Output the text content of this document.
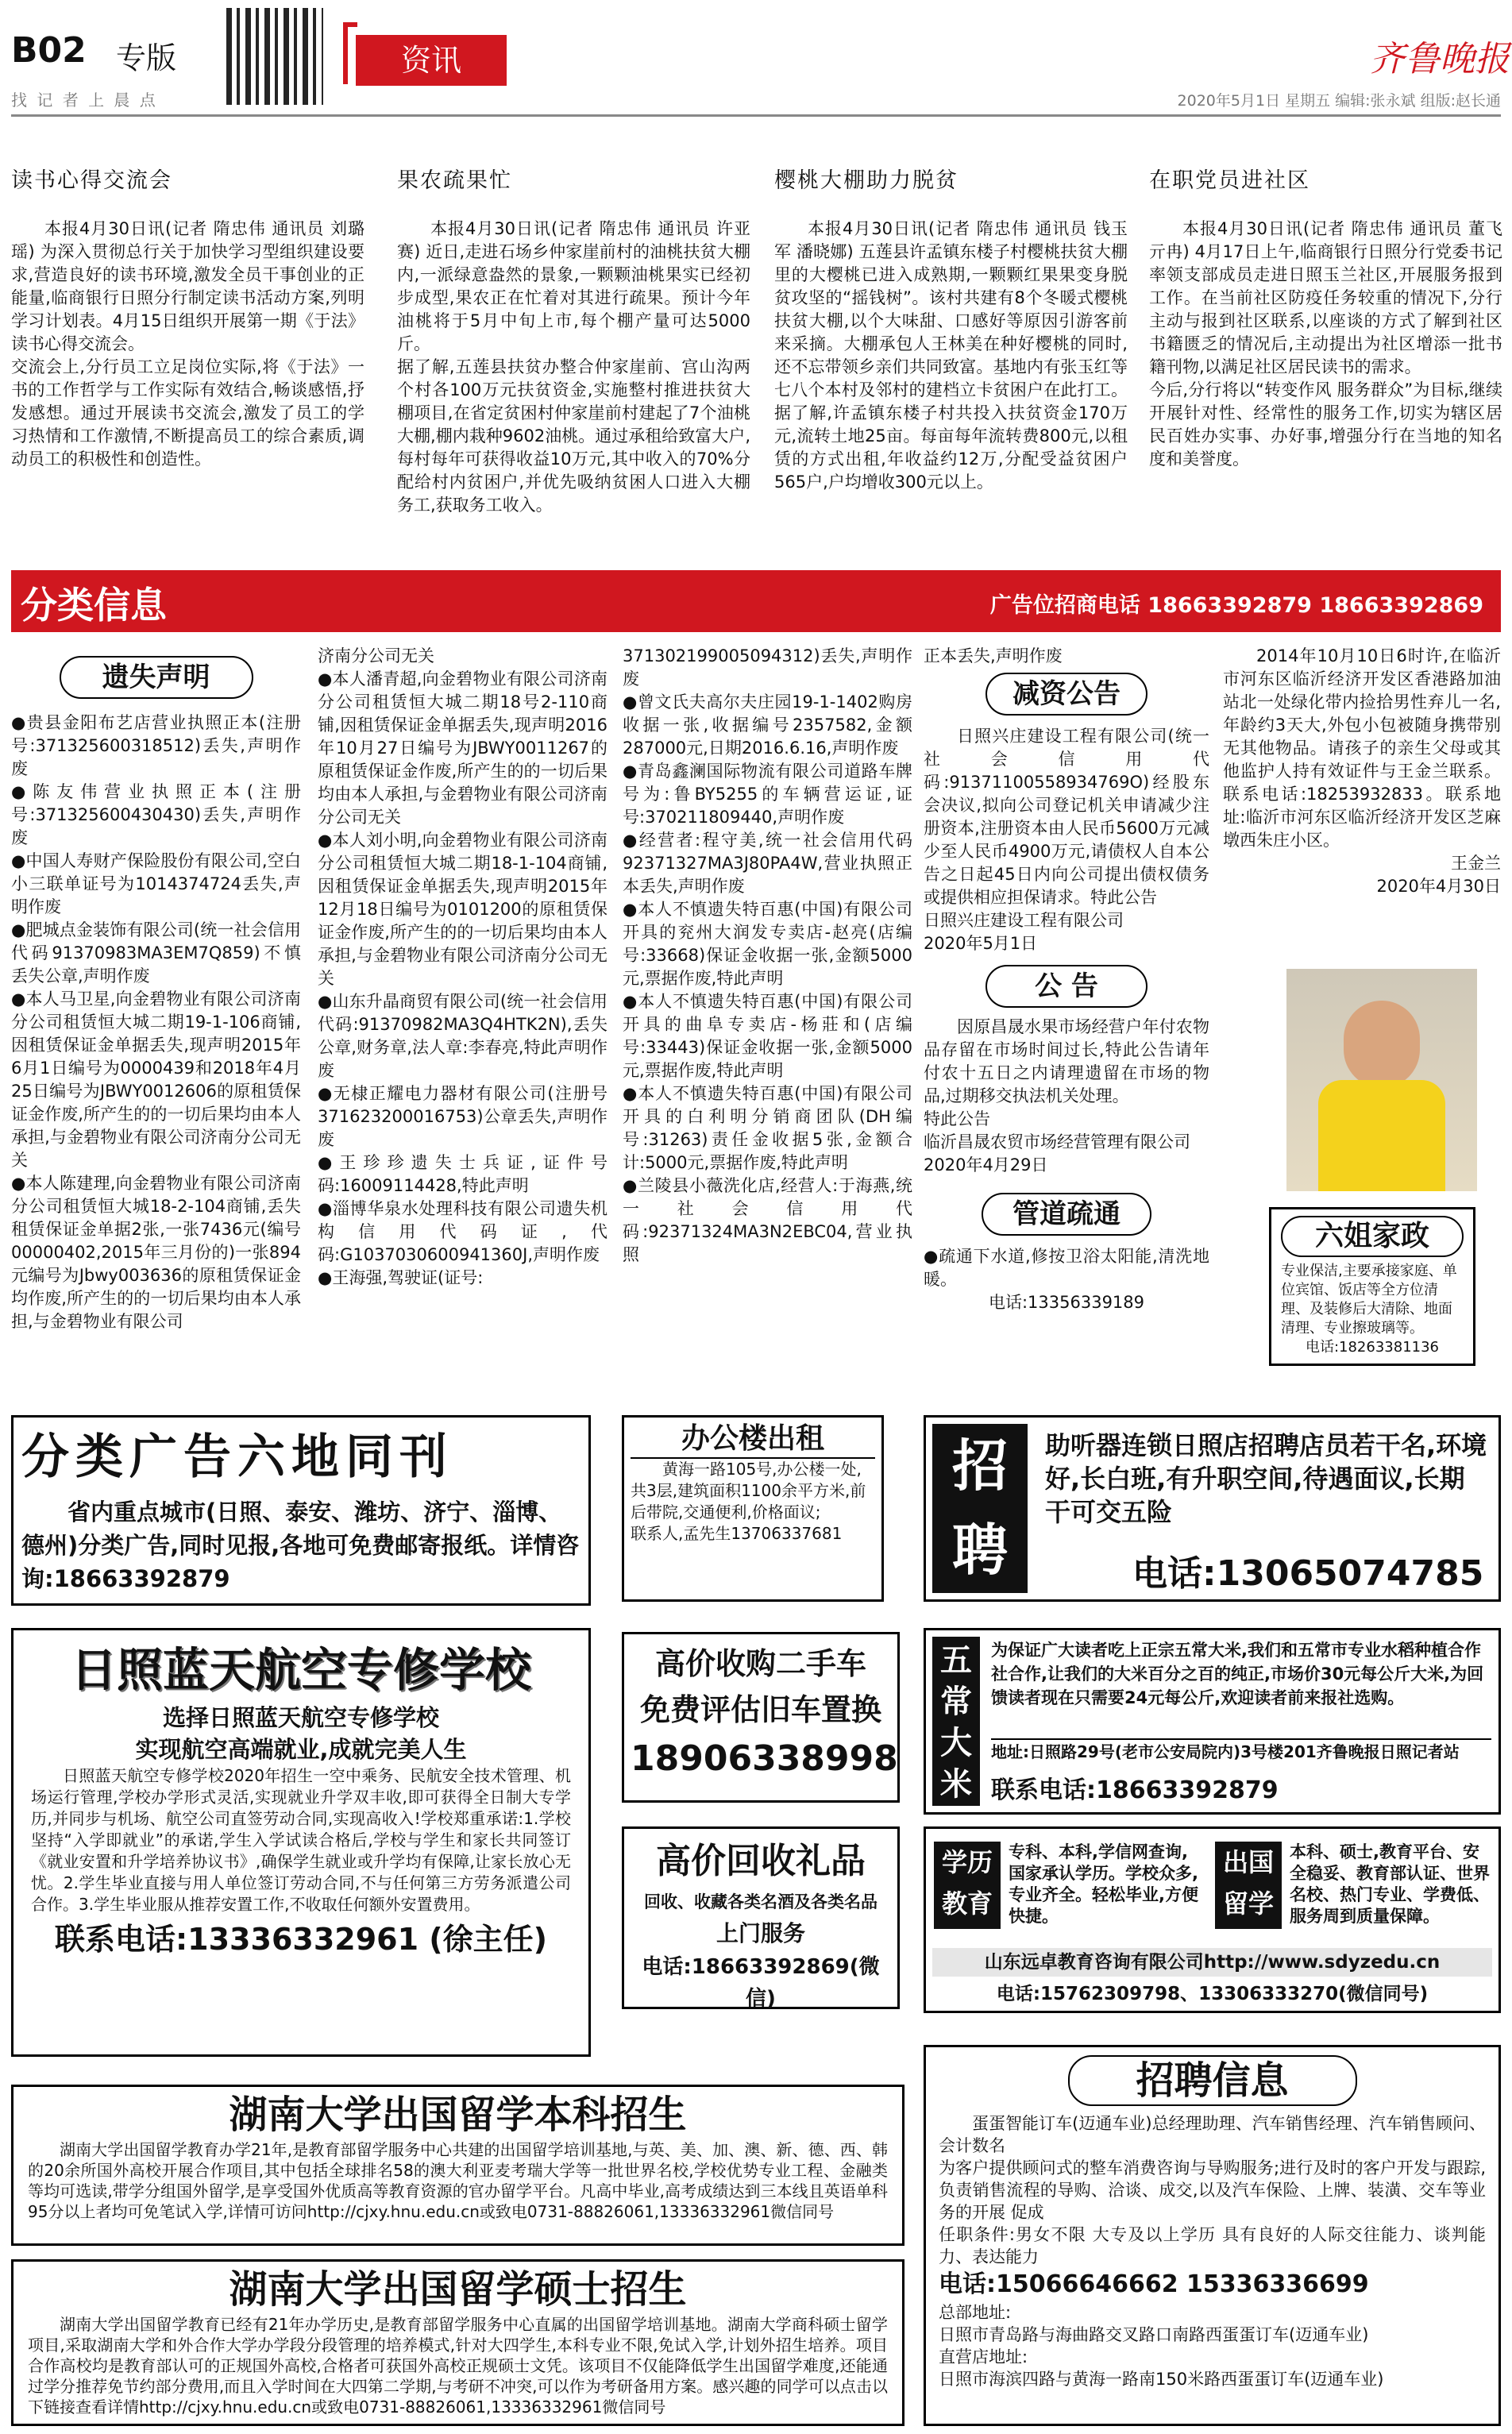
B02 专版
找 记 者 上 晨 点
资讯	齐鲁晚报
2020年5月1日 星期五 编辑:张永斌 组版:赵长通
读书心得交流会
本报4月30日讯(记者 隋忠伟 通讯员 刘璐瑶) 为深入贯彻总行关于加快学习型组织建设要求,营造良好的读书环境,激发全员干事创业的正能量,临商银行日照分行制定读书活动方案,列明学习计划表。4月15日组织开展第一期《于法》读书心得交流会。
交流会上,分行员工立足岗位实际,将《于法》一书的工作哲学与工作实际有效结合,畅谈感悟,抒发感想。通过开展读书交流会,激发了员工的学习热情和工作激情,不断提高员工的综合素质,调动员工的积极性和创造性。
果农疏果忙
本报4月30日讯(记者 隋忠伟 通讯员 许亚赛) 近日,走进石场乡仲家崖前村的油桃扶贫大棚内,一派绿意盎然的景象,一颗颗油桃果实已经初步成型,果农正在忙着对其进行疏果。预计今年油桃将于5月中旬上市,每个棚产量可达5000斤。
据了解,五莲县扶贫办整合仲家崖前、宫山沟两个村各100万元扶贫资金,实施整村推进扶贫大棚项目,在省定贫困村仲家崖前村建起了7个油桃大棚,棚内栽种9602油桃。通过承租给致富大户,每村每年可获得收益10万元,其中收入的70%分配给村内贫困户,并优先吸纳贫困人口进入大棚务工,获取务工收入。
樱桃大棚助力脱贫
本报4月30日讯(记者 隋忠伟 通讯员 钱玉军 潘晓娜) 五莲县许孟镇东楼子村樱桃扶贫大棚里的大樱桃已进入成熟期,一颗颗红果果变身脱贫攻坚的“摇钱树”。该村共建有8个冬暖式樱桃扶贫大棚,以个大味甜、口感好等原因引游客前来采摘。大棚承包人王林美在种好樱桃的同时,还不忘带领乡亲们共同致富。基地内有张玉红等七八个本村及邻村的建档立卡贫困户在此打工。据了解,许孟镇东楼子村共投入扶贫资金170万元,流转土地25亩。每亩每年流转费800元,以租赁的方式出租,年收益约12万,分配受益贫困户565户,户均增收300元以上。
在职党员进社区
本报4月30日讯(记者 隋忠伟 通讯员 董飞 亓冉) 4月17日上午,临商银行日照分行党委书记率领支部成员走进日照玉兰社区,开展服务报到工作。在当前社区防疫任务较重的情况下,分行主动与报到社区联系,以座谈的方式了解到社区书籍匮乏的情况后,主动提出为社区增添一批书籍刊物,以满足社区居民读书的需求。
今后,分行将以“转变作风 服务群众”为目标,继续开展针对性、经常性的服务工作,切实为辖区居民百姓办实事、办好事,增强分行在当地的知名度和美誉度。
分类信息	广告位招商电话 18663392879 18663392869
遗失声明
●贵县金阳布艺店营业执照正本(注册号:371325600318512)丢失,声明作废
●陈友伟营业执照正本(注册号:371325600430430)丢失,声明作废
●中国人寿财产保险股份有限公司,空白小三联单证号为1014374724丢失,声明作废
●肥城点金装饰有限公司(统一社会信用代码91370983MA3EM7Q859)不慎丢失公章,声明作废
●本人马卫星,向金碧物业有限公司济南分公司租赁恒大城二期19-1-106商铺,因租赁保证金单据丢失,现声明2015年6月1日编号为0000439和2018年4月25日编号为JBWY0012606的原租赁保证金作废,所产生的的一切后果均由本人承担,与金碧物业有限公司济南分公司无关
●本人陈建理,向金碧物业有限公司济南分公司租赁恒大城18-2-104商铺,丢失租赁保证金单据2张,一张7436元(编号00000402,2015年三月份的)一张894元编号为Jbwy003636的原租赁保证金均作废,所产生的的一切后果均由本人承担,与金碧物业有限公司
济南分公司无关
●本人潘青超,向金碧物业有限公司济南分公司租赁恒大城二期18号2-110商铺,因租赁保证金单据丢失,现声明2016年10月27日编号为JBWY0011267的原租赁保证金作废,所产生的的一切后果均由本人承担,与金碧物业有限公司济南分公司无关
●本人刘小明,向金碧物业有限公司济南分公司租赁恒大城二期18-1-104商铺,因租赁保证金单据丢失,现声明2015年12月18日编号为0101200的原租赁保证金作废,所产生的的一切后果均由本人承担,与金碧物业有限公司济南分公司无关
●山东升晶商贸有限公司(统一社会信用代码:91370982MA3Q4HTK2N),丢失公章,财务章,法人章:李春亮,特此声明作废
●无棣正耀电力器材有限公司(注册号371623200016753)公章丢失,声明作废
●王珍珍遗失士兵证,证件号码:16009114428,特此声明
●淄博华泉水处理科技有限公司遗失机构信用代码证,代码:G1037030600941360J,声明作废
●王海强,驾驶证(证号:
371302199005094312)丢失,声明作废
●曾文氏夫高尔夫庄园19-1-1402购房收据一张,收据编号2357582,金额287000元,日期2016.6.16,声明作废
●青岛鑫澜国际物流有限公司道路车牌号为:鲁BY5255的车辆营运证,证号:370211809440,声明作废
●经营者:程守美,统一社会信用代码92371327MA3J80PA4W,营业执照正本丢失,声明作废
●本人不慎遗失特百惠(中国)有限公司开具的兖州大润发专卖店-赵亮(店编号:33668)保证金收据一张,金额5000元,票据作废,特此声明
●本人不慎遗失特百惠(中国)有限公司开具的曲阜专卖店-杨莊和(店编号:33443)保证金收据一张,金额5000元,票据作废,特此声明
●本人不慎遗失特百惠(中国)有限公司开具的白利明分销商团队(DH编号:31263)责任金收据5张,金额合计:5000元,票据作废,特此声明
●兰陵县小薇洗化店,经营人:于海燕,统一社会信用代码:92371324MA3N2EBC04,营业执照
正本丢失,声明作废
减资公告
日照兴庄建设工程有限公司(统一社会信用代码:91371100558934769O)经股东会决议,拟向公司登记机关申请减少注册资本,注册资本由人民币5600万元减少至人民币4900万元,请债权人自本公告之日起45日内向公司提出债权债务或提供相应担保请求。特此公告
日照兴庄建设工程有限公司
2020年5月1日
公 告
因原昌晟水果市场经营户年付农物品存留在市场时间过长,特此公告请年付农十五日之内请理遗留在市场的物品,过期移交执法机关处理。
特此公告
临沂昌晟农贸市场经营管理有限公司
2020年4月29日
管道疏通
●疏通下水道,修按卫浴太阳能,清洗地暖。
电话:13356339189
2014年10月10日6时许,在临沂市河东区临沂经济开发区香港路加油站北一处绿化带内捡拾男性弃儿一名,年龄约3天大,外包小包被随身携带别无其他物品。请孩子的亲生父母或其他监护人持有效证件与王金兰联系。联系电话:18253932833。联系地址:临沂市河东区临沂经济开发区芝麻墩西朱庄小区。
王金兰
2020年4月30日
六姐家政
专业保洁,主要承接家庭、单位宾馆、饭店等全方位清理、及装修后大清除、地面清理、专业擦玻璃等。
电话:18263381136
分类广告六地同刊
省内重点城市(日照、泰安、潍坊、济宁、淄博、德州)分类广告,同时见报,各地可免费邮寄报纸。详情咨询:18663392879
办公楼出租
黄海一路105号,办公楼一处,共3层,建筑面积1100余平方米,前后带院,交通便利,价格面议;
联系人,孟先生13706337681
招聘
助听器连锁日照店招聘店员若干名,环境好,长白班,有升职空间,待遇面议,长期干可交五险
电话:13065074785
日照蓝天航空专修学校
选择日照蓝天航空专修学校
实现航空高端就业,成就完美人生
日照蓝天航空专修学校2020年招生一空中乘务、民航安全技术管理、机场运行管理,学校办学形式灵活,实现就业升学双丰收,即可获得全日制大专学历,并同步与机场、航空公司直签劳动合同,实现高收入!学校郑重承诺:1.学校坚持“入学即就业”的承诺,学生入学试读合格后,学校与学生和家长共同签订《就业安置和升学培养协议书》,确保学生就业或升学均有保障,让家长放心无忧。2.学生毕业直接与用人单位签订劳动合同,不与任何第三方劳务派遣公司合作。3.学生毕业服从推荐安置工作,不收取任何额外安置费用。
联系电话:13336332961 (徐主任)
高价收购二手车
免费评估旧车置换
18906338998
高价回收礼品
回收、收藏各类名酒及各类名品
上门服务
电话:18663392869(微信)
五常大米
为保证广大读者吃上正宗五常大米,我们和五常市专业水稻种植合作社合作,让我们的大米百分之百的纯正,市场价30元每公斤大米,为回馈读者现在只需要24元每公斤,欢迎读者前来报社选购。
地址:日照路29号(老市公安局院内)3号楼201齐鲁晚报日照记者站
联系电话:18663392879
学历教育
专科、本科,学信网查询,国家承认学历。学校众多,专业齐全。轻松毕业,方便快捷。
出国留学
本科、硕士,教育平台、安全稳妥、教育部认证、世界名校、热门专业、学费低、服务周到质量保障。
山东远卓教育咨询有限公司http://www.sdyzedu.cn
电话:15762309798、13306333270(微信同号)
湖南大学出国留学本科招生
湖南大学出国留学教育办学21年,是教育部留学服务中心共建的出国留学培训基地,与英、美、加、澳、新、德、西、韩的20余所国外高校开展合作项目,其中包括全球排名58的澳大利亚麦考瑞大学等一批世界名校,学校优势专业工程、金融类等均可选读,带学分组国外留学,是享受国外优质高等教育资源的官办留学平台。凡高中毕业,高考成绩达到三本线且英语单科95分以上者均可免笔试入学,详情可访问http://cjxy.hnu.edu.cn或致电0731-88826061,13336332961微信同号
湖南大学出国留学硕士招生
湖南大学出国留学教育已经有21年办学历史,是教育部留学服务中心直属的出国留学培训基地。湖南大学商科硕士留学项目,采取湖南大学和外合作大学办学段分段管理的培养模式,针对大四学生,本科专业不限,免试入学,计划外招生培养。项目合作高校均是教育部认可的正规国外高校,合格者可获国外高校正规硕士文凭。该项目不仅能降低学生出国留学难度,还能通过学分推荐免节约部分费用,而且入学时间在大四第二学期,与考研不冲突,可以作为考研备用方案。感兴趣的同学可以点击以下链接查看详情http://cjxy.hnu.edu.cn或致电0731-88826061,13336332961微信同号
招聘信息
蛋蛋智能订车(迈通车业)总经理助理、汽车销售经理、汽车销售顾问、会计数名
为客户提供顾问式的整车消费咨询与导购服务;进行及时的客户开发与跟踪,负责销售流程的导购、洽谈、成交,以及汽车保险、上牌、装潢、交车等业务的开展 促成
任职条件:男女不限 大专及以上学历 具有良好的人际交往能力、谈判能力、表达能力
电话:15066646662 15336336699
总部地址:
日照市青岛路与海曲路交叉路口南路西蛋蛋订车(迈通车业)
直营店地址:
日照市海滨四路与黄海一路南150米路西蛋蛋订车(迈通车业)
